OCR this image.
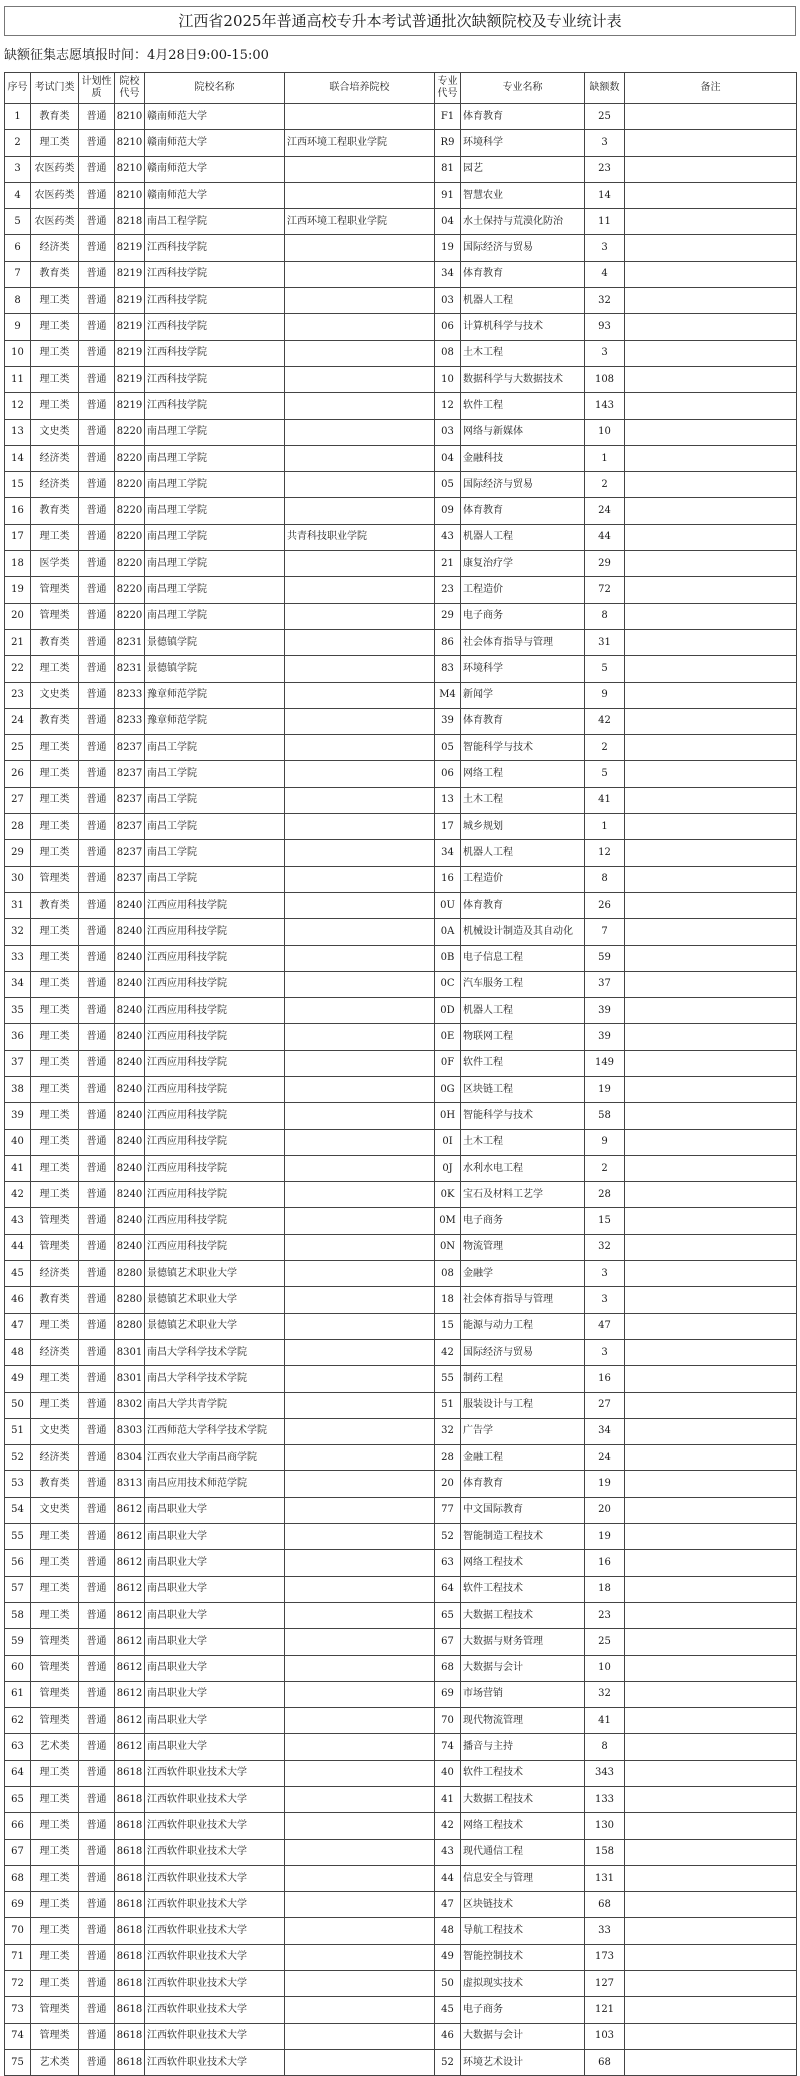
江西省2025年普通高校专升本考试普通批次缺额院校及专业统计表
缺额征集志愿填报时间：4月28日9:00-15:00
序号	考试门类	计划性质	院校代号	院校名称	联合培养院校	专业代号	专业名称	缺额数	备注
1	教育类	普通	8210	赣南师范大学		F1	体育教育	25	
2	理工类	普通	8210	赣南师范大学	江西环境工程职业学院	R9	环境科学	3	
3	农医药类	普通	8210	赣南师范大学		81	园艺	23	
4	农医药类	普通	8210	赣南师范大学		91	智慧农业	14	
5	农医药类	普通	8218	南昌工程学院	江西环境工程职业学院	04	水土保持与荒漠化防治	11	
6	经济类	普通	8219	江西科技学院		19	国际经济与贸易	3	
7	教育类	普通	8219	江西科技学院		34	体育教育	4	
8	理工类	普通	8219	江西科技学院		03	机器人工程	32	
9	理工类	普通	8219	江西科技学院		06	计算机科学与技术	93	
10	理工类	普通	8219	江西科技学院		08	土木工程	3	
11	理工类	普通	8219	江西科技学院		10	数据科学与大数据技术	108	
12	理工类	普通	8219	江西科技学院		12	软件工程	143	
13	文史类	普通	8220	南昌理工学院		03	网络与新媒体	10	
14	经济类	普通	8220	南昌理工学院		04	金融科技	1	
15	经济类	普通	8220	南昌理工学院		05	国际经济与贸易	2	
16	教育类	普通	8220	南昌理工学院		09	体育教育	24	
17	理工类	普通	8220	南昌理工学院	共青科技职业学院	43	机器人工程	44	
18	医学类	普通	8220	南昌理工学院		21	康复治疗学	29	
19	管理类	普通	8220	南昌理工学院		23	工程造价	72	
20	管理类	普通	8220	南昌理工学院		29	电子商务	8	
21	教育类	普通	8231	景德镇学院		86	社会体育指导与管理	31	
22	理工类	普通	8231	景德镇学院		83	环境科学	5	
23	文史类	普通	8233	豫章师范学院		M4	新闻学	9	
24	教育类	普通	8233	豫章师范学院		39	体育教育	42	
25	理工类	普通	8237	南昌工学院		05	智能科学与技术	2	
26	理工类	普通	8237	南昌工学院		06	网络工程	5	
27	理工类	普通	8237	南昌工学院		13	土木工程	41	
28	理工类	普通	8237	南昌工学院		17	城乡规划	1	
29	理工类	普通	8237	南昌工学院		34	机器人工程	12	
30	管理类	普通	8237	南昌工学院		16	工程造价	8	
31	教育类	普通	8240	江西应用科技学院		0U	体育教育	26	
32	理工类	普通	8240	江西应用科技学院		0A	机械设计制造及其自动化	7	
33	理工类	普通	8240	江西应用科技学院		0B	电子信息工程	59	
34	理工类	普通	8240	江西应用科技学院		0C	汽车服务工程	37	
35	理工类	普通	8240	江西应用科技学院		0D	机器人工程	39	
36	理工类	普通	8240	江西应用科技学院		0E	物联网工程	39	
37	理工类	普通	8240	江西应用科技学院		0F	软件工程	149	
38	理工类	普通	8240	江西应用科技学院		0G	区块链工程	19	
39	理工类	普通	8240	江西应用科技学院		0H	智能科学与技术	58	
40	理工类	普通	8240	江西应用科技学院		0I	土木工程	9	
41	理工类	普通	8240	江西应用科技学院		0J	水利水电工程	2	
42	理工类	普通	8240	江西应用科技学院		0K	宝石及材料工艺学	28	
43	管理类	普通	8240	江西应用科技学院		0M	电子商务	15	
44	管理类	普通	8240	江西应用科技学院		0N	物流管理	32	
45	经济类	普通	8280	景德镇艺术职业大学		08	金融学	3	
46	教育类	普通	8280	景德镇艺术职业大学		18	社会体育指导与管理	3	
47	理工类	普通	8280	景德镇艺术职业大学		15	能源与动力工程	47	
48	经济类	普通	8301	南昌大学科学技术学院		42	国际经济与贸易	3	
49	理工类	普通	8301	南昌大学科学技术学院		55	制药工程	16	
50	理工类	普通	8302	南昌大学共青学院		51	服装设计与工程	27	
51	文史类	普通	8303	江西师范大学科学技术学院		32	广告学	34	
52	经济类	普通	8304	江西农业大学南昌商学院		28	金融工程	24	
53	教育类	普通	8313	南昌应用技术师范学院		20	体育教育	19	
54	文史类	普通	8612	南昌职业大学		77	中文国际教育	20	
55	理工类	普通	8612	南昌职业大学		52	智能制造工程技术	19	
56	理工类	普通	8612	南昌职业大学		63	网络工程技术	16	
57	理工类	普通	8612	南昌职业大学		64	软件工程技术	18	
58	理工类	普通	8612	南昌职业大学		65	大数据工程技术	23	
59	管理类	普通	8612	南昌职业大学		67	大数据与财务管理	25	
60	管理类	普通	8612	南昌职业大学		68	大数据与会计	10	
61	管理类	普通	8612	南昌职业大学		69	市场营销	32	
62	管理类	普通	8612	南昌职业大学		70	现代物流管理	41	
63	艺术类	普通	8612	南昌职业大学		74	播音与主持	8	
64	理工类	普通	8618	江西软件职业技术大学		40	软件工程技术	343	
65	理工类	普通	8618	江西软件职业技术大学		41	大数据工程技术	133	
66	理工类	普通	8618	江西软件职业技术大学		42	网络工程技术	130	
67	理工类	普通	8618	江西软件职业技术大学		43	现代通信工程	158	
68	理工类	普通	8618	江西软件职业技术大学		44	信息安全与管理	131	
69	理工类	普通	8618	江西软件职业技术大学		47	区块链技术	68	
70	理工类	普通	8618	江西软件职业技术大学		48	导航工程技术	33	
71	理工类	普通	8618	江西软件职业技术大学		49	智能控制技术	173	
72	理工类	普通	8618	江西软件职业技术大学		50	虚拟现实技术	127	
73	管理类	普通	8618	江西软件职业技术大学		45	电子商务	121	
74	管理类	普通	8618	江西软件职业技术大学		46	大数据与会计	103	
75	艺术类	普通	8618	江西软件职业技术大学		52	环境艺术设计	68	
